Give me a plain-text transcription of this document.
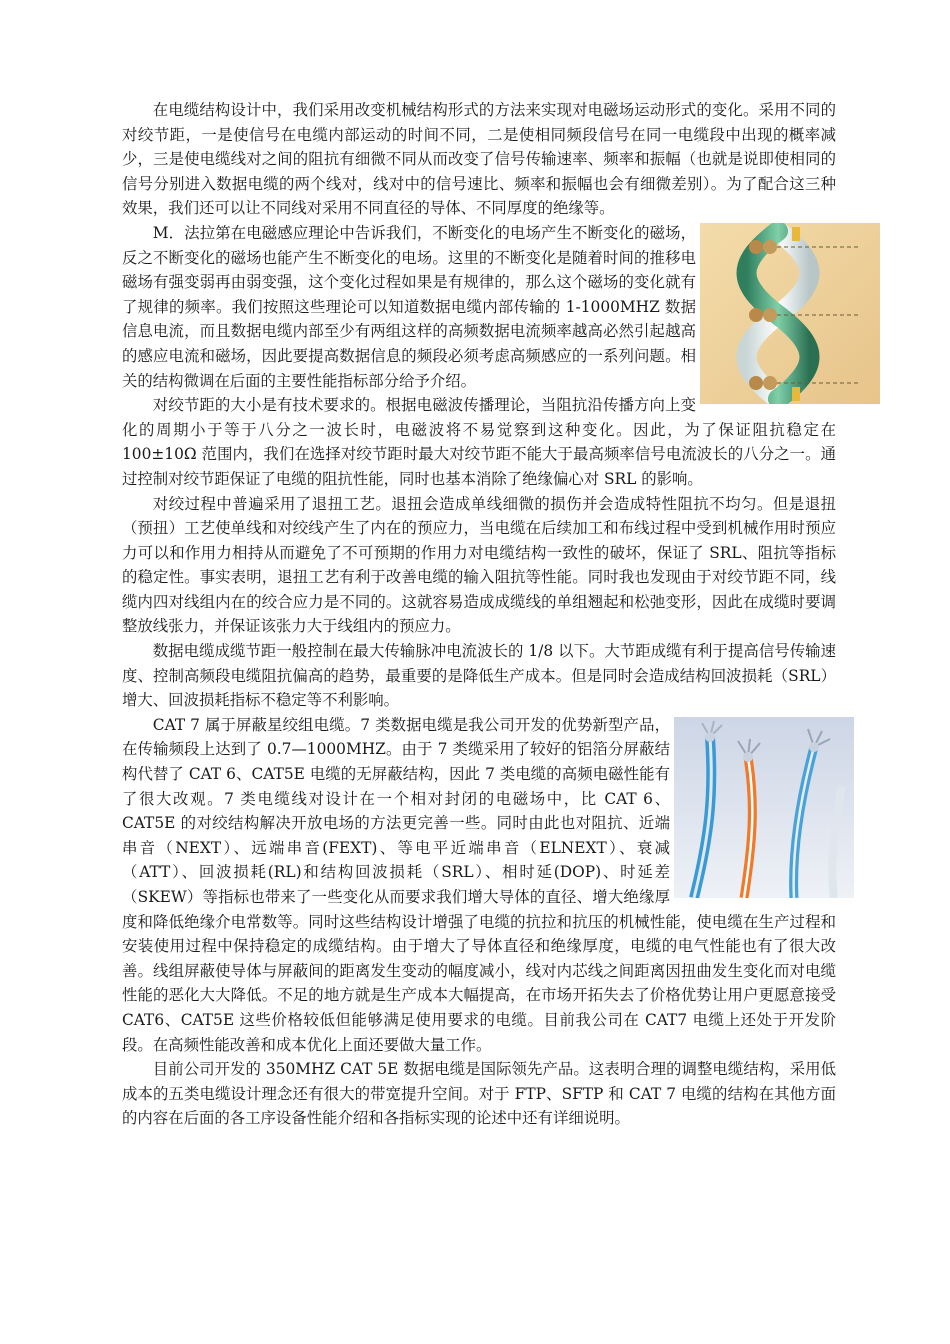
在电缆结构设计中，我们采用改变机械结构形式的方法来实现对电磁场运动形式的变化。采用不同的对绞节距，一是使信号在电缆内部运动的时间不同，二是使相同频段信号在同一电缆段中出现的概率减少，三是使电缆线对之间的阻抗有细微不同从而改变了信号传输速率、频率和振幅（也就是说即使相同的信号分别进入数据电缆的两个线对，线对中的信号速比、频率和振幅也会有细微差别）。为了配合这三种效果，我们还可以让不同线对采用不同直径的导体、不同厚度的绝缘等。

M．法拉第在电磁感应理论中告诉我们，不断变化的电场产生不断变化的磁场，反之不断变化的磁场也能产生不断变化的电场。这里的不断变化是随着时间的推移电磁场有强变弱再由弱变强，这个变化过程如果是有规律的，那么这个磁场的变化就有了规律的频率。我们按照这些理论可以知道数据电缆内部传输的 1-1000MHZ 数据信息电流，而且数据电缆内部至少有两组这样的高频数据电流频率越高必然引起越高的感应电流和磁场，因此要提高数据信息的频段必须考虑高频感应的一系列问题。相关的结构微调在后面的主要性能指标部分给予介绍。

对绞节距的大小是有技术要求的。根据电磁波传播理论，当阻抗沿传播方向上变化的周期小于等于八分之一波长时，电磁波将不易觉察到这种变化。因此，为了保证阻抗稳定在 100±10Ω 范围内，我们在选择对绞节距时最大对绞节距不能大于最高频率信号电流波长的八分之一。通过控制对绞节距保证了电缆的阻抗性能，同时也基本消除了绝缘偏心对 SRL 的影响。

对绞过程中普遍采用了退扭工艺。退扭会造成单线细微的损伤并会造成特性阻抗不均匀。但是退扭（预扭）工艺使单线和对绞线产生了内在的预应力，当电缆在后续加工和布线过程中受到机械作用时预应力可以和作用力相持从而避免了不可预期的作用力对电缆结构一致性的破坏，保证了 SRL、阻抗等指标的稳定性。事实表明，退扭工艺有利于改善电缆的输入阻抗等性能。同时我也发现由于对绞节距不同，线缆内四对线组内在的绞合应力是不同的。这就容易造成成缆线的单组翘起和松弛变形，因此在成缆时要调整放线张力，并保证该张力大于线组内的预应力。

数据电缆成缆节距一般控制在最大传输脉冲电流波长的 1/8 以下。大节距成缆有利于提高信号传输速度、控制高频段电缆阻抗偏高的趋势，最重要的是降低生产成本。但是同时会造成结构回波损耗（SRL）增大、回波损耗指标不稳定等不利影响。

CAT 7 属于屏蔽星绞组电缆。7 类数据电缆是我公司开发的优势新型产品，在传输频段上达到了 0.7—1000MHZ。由于 7 类缆采用了较好的铝箔分屏蔽结构代替了 CAT 6、CAT5E 电缆的无屏蔽结构，因此 7 类电缆的高频电磁性能有了很大改观。7 类电缆线对设计在一个相对封闭的电磁场中，比 CAT 6、CAT5E 的对绞结构解决开放电场的方法更完善一些。同时由此也对阻抗、近端串音（NEXT）、远端串音(FEXT)、等电平近端串音（ELNEXT）、衰减（ATT）、回波损耗(RL)和结构回波损耗（SRL）、相时延(DOP)、时延差（SKEW）等指标也带来了一些变化从而要求我们增大导体的直径、增大绝缘厚度和降低绝缘介电常数等。同时这些结构设计增强了电缆的抗拉和抗压的机械性能，使电缆在生产过程和安装使用过程中保持稳定的成缆结构。由于增大了导体直径和绝缘厚度，电缆的电气性能也有了很大改善。线组屏蔽使导体与屏蔽间的距离发生变动的幅度减小，线对内芯线之间距离因扭曲发生变化而对电缆性能的恶化大大降低。不足的地方就是生产成本大幅提高，在市场开拓失去了价格优势让用户更愿意接受 CAT6、CAT5E 这些价格较低但能够满足使用要求的电缆。目前我公司在 CAT7 电缆上还处于开发阶段。在高频性能改善和成本优化上面还要做大量工作。

目前公司开发的 350MHZ CAT 5E 数据电缆是国际领先产品。这表明合理的调整电缆结构，采用低成本的五类电缆设计理念还有很大的带宽提升空间。对于 FTP、SFTP 和 CAT 7 电缆的结构在其他方面的内容在后面的各工序设备性能介绍和各指标实现的论述中还有详细说明。
